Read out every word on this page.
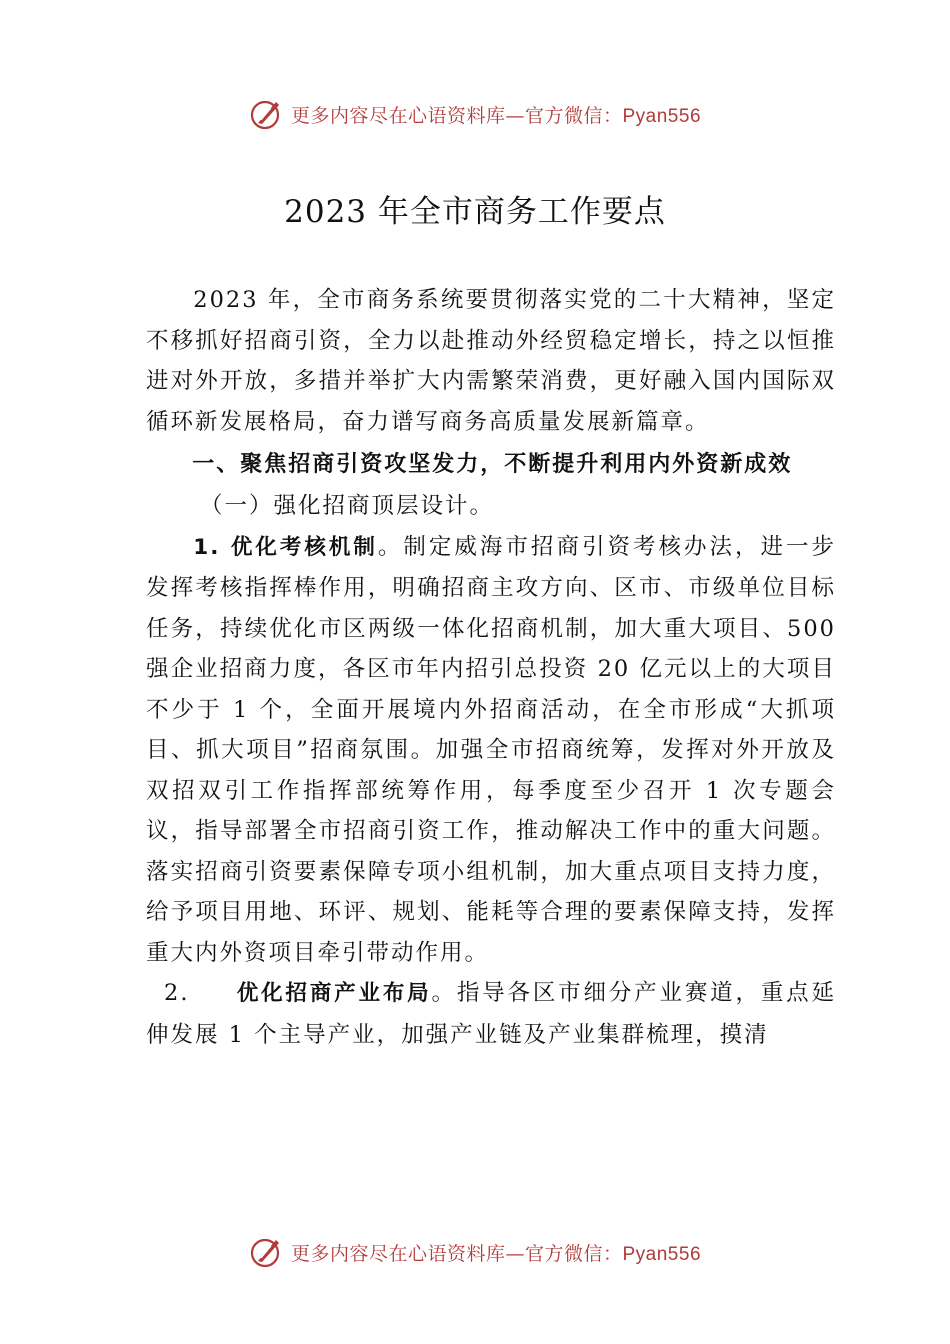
更多内容尽在心语资料库—官方微信：Pyan556
2023 年全市商务工作要点

2023 年，全市商务系统要贯彻落实党的二十大精神，坚定不移抓好招商引资，全力以赴推动外经贸稳定增长，持之以恒推进对外开放，多措并举扩大内需繁荣消费，更好融入国内国际双循环新发展格局，奋力谱写商务高质量发展新篇章。

一、聚焦招商引资攻坚发力，不断提升利用内外资新成效

（一）强化招商顶层设计。

1. 优化考核机制。制定威海市招商引资考核办法，进一步发挥考核指挥棒作用，明确招商主攻方向、区市、市级单位目标任务，持续优化市区两级一体化招商机制，加大重大项目、500 强企业招商力度，各区市年内招引总投资 20 亿元以上的大项目不少于 1 个，全面开展境内外招商活动，在全市形成“大抓项目、抓大项目”招商氛围。加强全市招商统筹，发挥对外开放及双招双引工作指挥部统筹作用，每季度至少召开 1 次专题会议，指导部署全市招商引资工作，推动解决工作中的重大问题。落实招商引资要素保障专项小组机制，加大重点项目支持力度，给予项目用地、环评、规划、能耗等合理的要素保障支持，发挥重大内外资项目牵引带动作用。

2. 优化招商产业布局。指导各区市细分产业赛道，重点延伸发展 1 个主导产业，加强产业链及产业集群梳理，摸清

更多内容尽在心语资料库—官方微信：Pyan556
